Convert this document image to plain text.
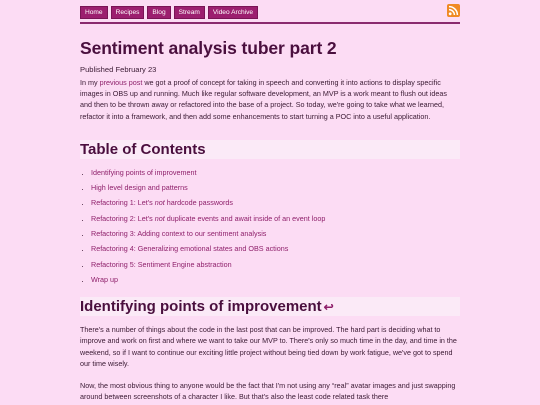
Home	Recipes	Blog	Stream	Video Archive
Sentiment analysis tuber part 2
Published February 23

In my previous post we got a proof of concept for taking in speech and converting it into actions to display specific images in OBS up and running. Much like regular software development, an MVP is a work meant to flush out ideas and then to be thrown away or refactored into the base of a project. So today, we're going to take what we learned, refactor it into a framework, and then add some enhancements to start turning a POC into a useful application.

Table of Contents
• Identifying points of improvement
• High level design and patterns
• Refactoring 1: Let's not hardcode passwords
• Refactoring 2: Let's not duplicate events and await inside of an event loop
• Refactoring 3: Adding context to our sentiment analysis
• Refactoring 4: Generalizing emotional states and OBS actions
• Refactoring 5: Sentiment Engine abstraction
• Wrap up
Identifying points of improvement ↩

There's a number of things about the code in the last post that can be improved. The hard part is deciding what to improve and work on first and where we want to take our MVP to. There's only so much time in the day, and time in the weekend, so if I want to continue our exciting little project without being tied down by work fatigue, we've got to spend our time wisely.

Now, the most obvious thing to anyone would be the fact that I'm not using any “real” avatar images and just swapping around between screenshots of a character I like. But that's also the least code related task there
